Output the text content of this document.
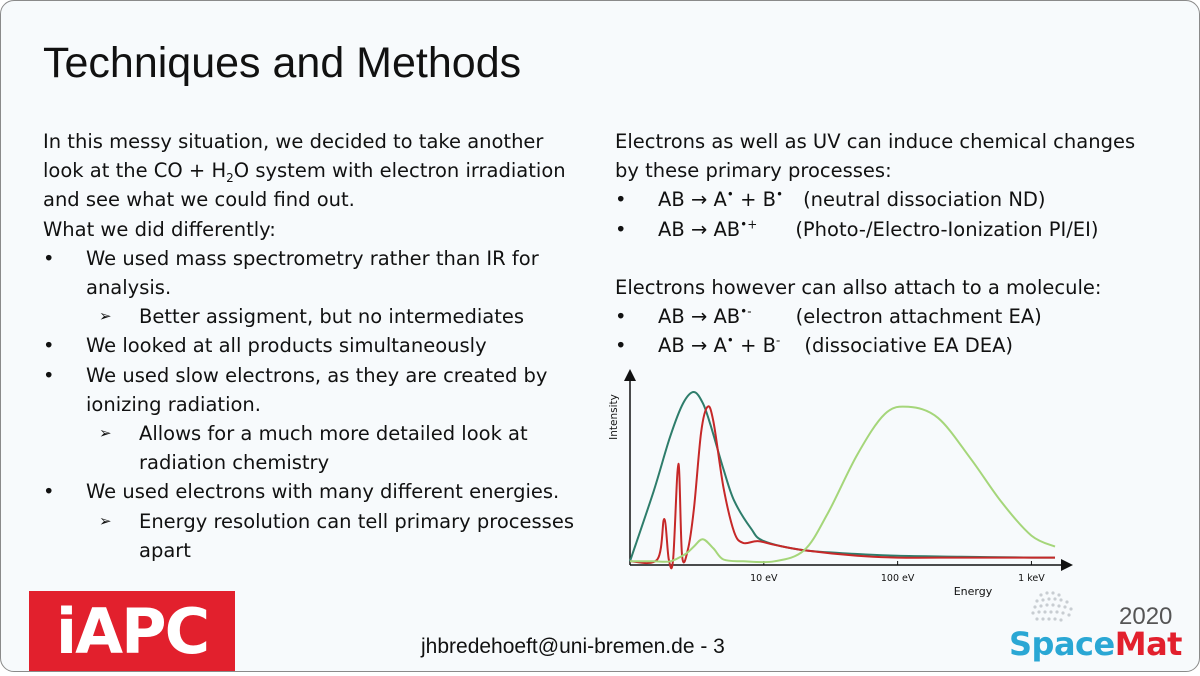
Techniques and Methods
In this messy situation, we decided to take another
look at the CO + $H_2O$ system with electron irradiation
and see what we could find out.
What we did differently:
• We used mass spectrometry rather than IR for
analysis.
➢ Better assigment, but no intermediates
• We looked at all products simultaneously
• We used slow electrons, as they are created by
ionizing radiation.
➢ Allows for a much more detailed look at
radiation chemistry
• We used electrons with many different energies.
➢ Energy resolution can tell primary processes
apart
Electrons as well as UV can induce chemical changes
by these primary processes:
• AB → A• + B• (neutral dissociation ND)
• AB → AB•+ (Photo-/Electro-Ionization PI/EI)
Electrons however can allso attach to a molecule:
• AB → AB•- (electron attachment EA)
• AB → A• + B- (dissociative EA DEA)
10 eV	100 eV	1 keV
Energy
Intensity
iAPC	jhbredehoeft@uni-bremen.de - 3
2020
SpaceMat
